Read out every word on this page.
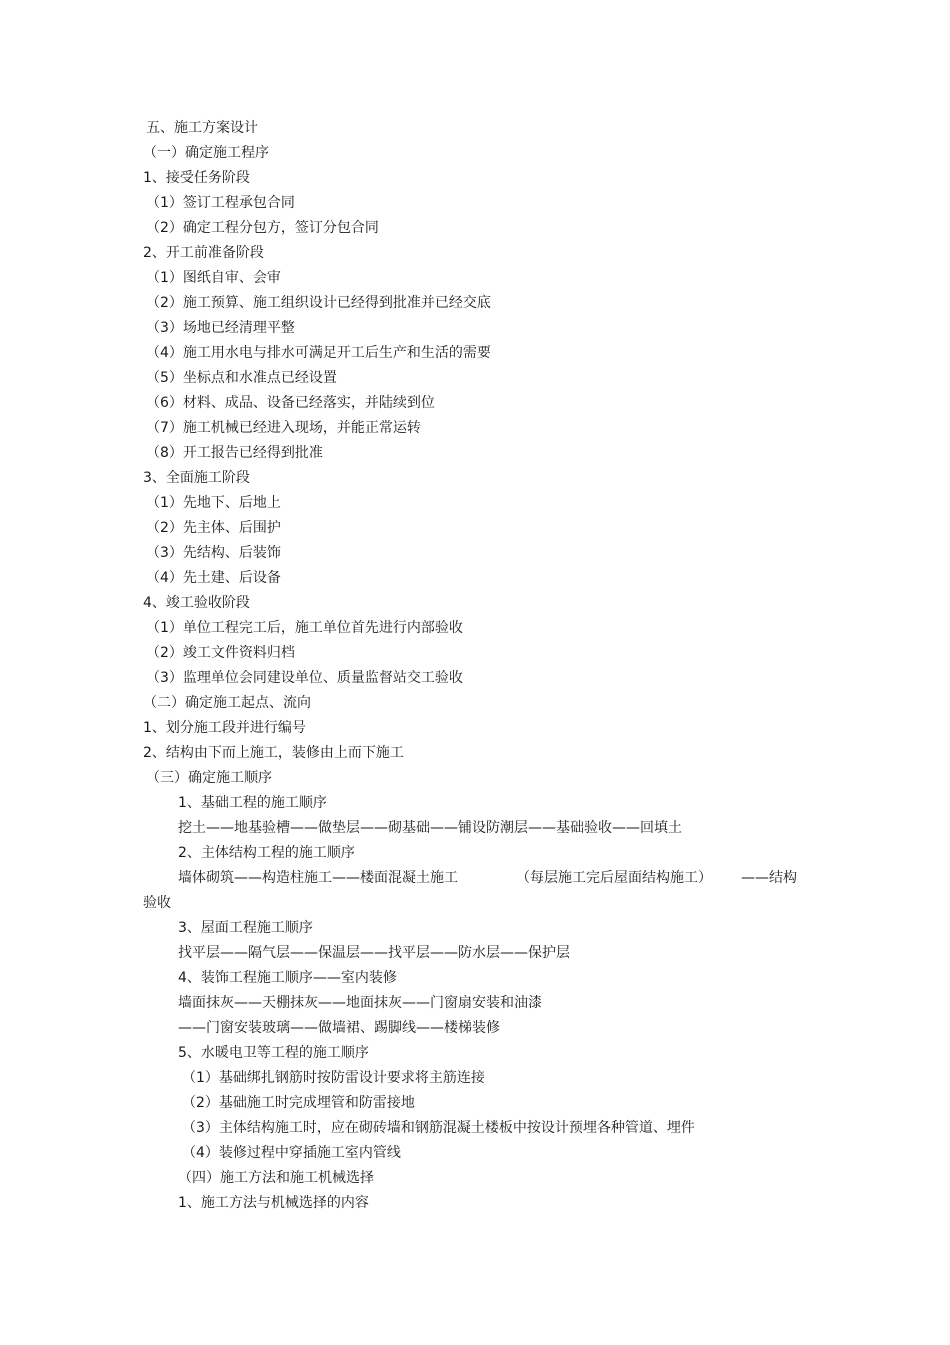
五、施工方案设计
（一）确定施工程序
1、接受任务阶段
（1）签订工程承包合同
（2）确定工程分包方，签订分包合同
2、开工前准备阶段
（1）图纸自审、会审
（2）施工预算、施工组织设计已经得到批准并已经交底
（3）场地已经清理平整
（4）施工用水电与排水可满足开工后生产和生活的需要
（5）坐标点和水准点已经设置
（6）材料、成品、设备已经落实，并陆续到位
（7）施工机械已经进入现场，并能正常运转
（8）开工报告已经得到批准
3、全面施工阶段
（1）先地下、后地上
（2）先主体、后围护
（3）先结构、后装饰
（4）先土建、后设备
4、竣工验收阶段
（1）单位工程完工后，施工单位首先进行内部验收
（2）竣工文件资料归档
（3）监理单位会同建设单位、质量监督站交工验收
（二）确定施工起点、流向
1、划分施工段并进行编号
2、结构由下而上施工，装修由上而下施工
（三）确定施工顺序
1、基础工程的施工顺序
挖土——地基验槽——做垫层——砌基础——铺设防潮层——基础验收——回填土
2、主体结构工程的施工顺序
墙体砌筑——构造柱施工——楼面混凝土施工	（每层施工完后屋面结构施工） ——结构
验收
3、屋面工程施工顺序
找平层——隔气层——保温层——找平层——防水层——保护层
4、装饰工程施工顺序——室内装修
墙面抹灰——天棚抹灰——地面抹灰——门窗扇安装和油漆
——门窗安装玻璃——做墙裙、踢脚线——楼梯装修
5、水暖电卫等工程的施工顺序
（1）基础绑扎钢筋时按防雷设计要求将主筋连接
（2）基础施工时完成埋管和防雷接地
（3）主体结构施工时，应在砌砖墙和钢筋混凝土楼板中按设计预埋各种管道、埋件
（4）装修过程中穿插施工室内管线
（四）施工方法和施工机械选择
1、施工方法与机械选择的内容
